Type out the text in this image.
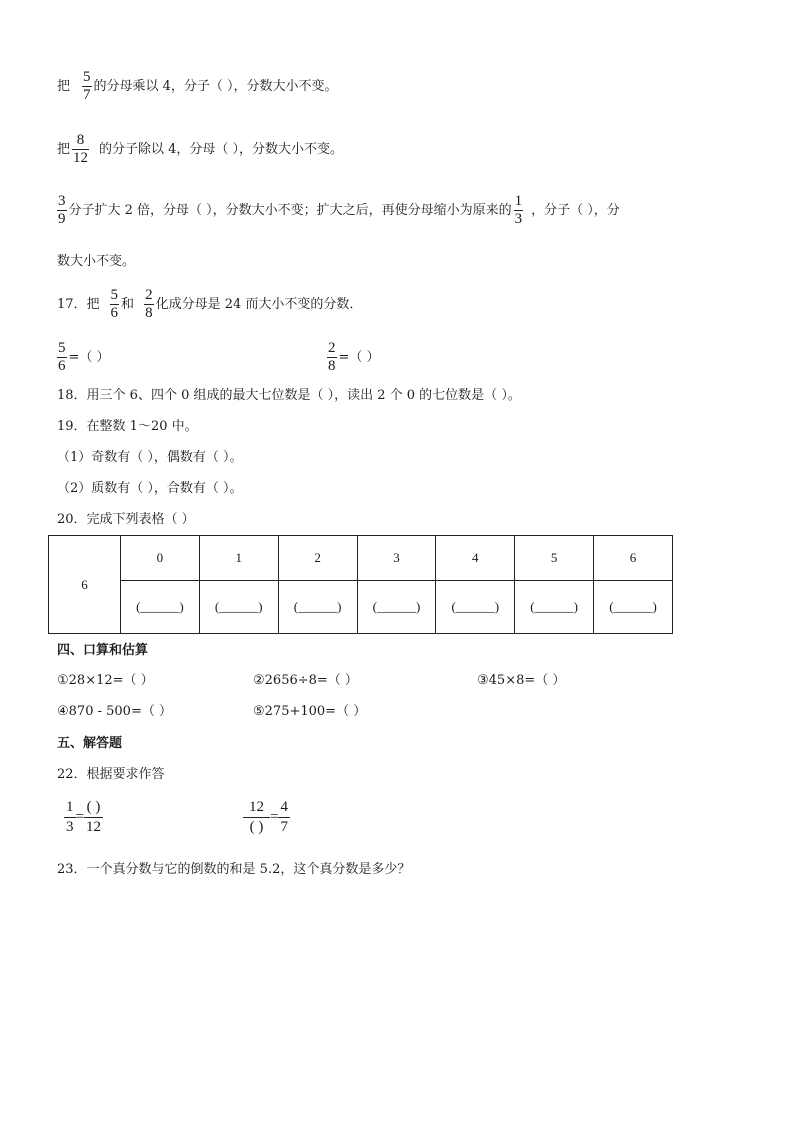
把 $\frac{5}{7}$ 的分母乘以 4，分子（ ），分数大小不变。
把 $\frac{8}{12}$ 的分子除以 4，分母（ ），分数大小不变。
$\frac{3}{9}$ 分子扩大 2 倍，分母（ ），分数大小不变；扩大之后，再使分母缩小为原来的 $\frac{1}{3}$ ，分子（ ），分
数大小不变。
17．把 $\frac{5}{6}$ 和 $\frac{2}{8}$ 化成分母是 24 而大小不变的分数．
$\frac{5}{6}$ =（ ）	$\frac{2}{8}$ =（ ）
18．用三个 6、四个 0 组成的最大七位数是（ ），读出 2 个 0 的七位数是（ ）。
19．在整数 1～20 中。
（1）奇数有（ ），偶数有（ ）。
（2）质数有（ ），合数有（ ）。
20．完成下列表格（ ）
6	0	1	2	3	4	5	6
	(______)	(______)	(______)	(______)	(______)	(______)	(______)
四、口算和估算
①28×12=（ ）	②2656÷8=（ ）	③45×8=（ ）
④870 - 500=（ ）	⑤275+100=（ ）
五、解答题
22．根据要求作答
$\frac{1}{3}$ =
( )
12
12
( )
= $\frac{4}{7}$
23．一个真分数与它的倒数的和是 5.2，这个真分数是多少？
